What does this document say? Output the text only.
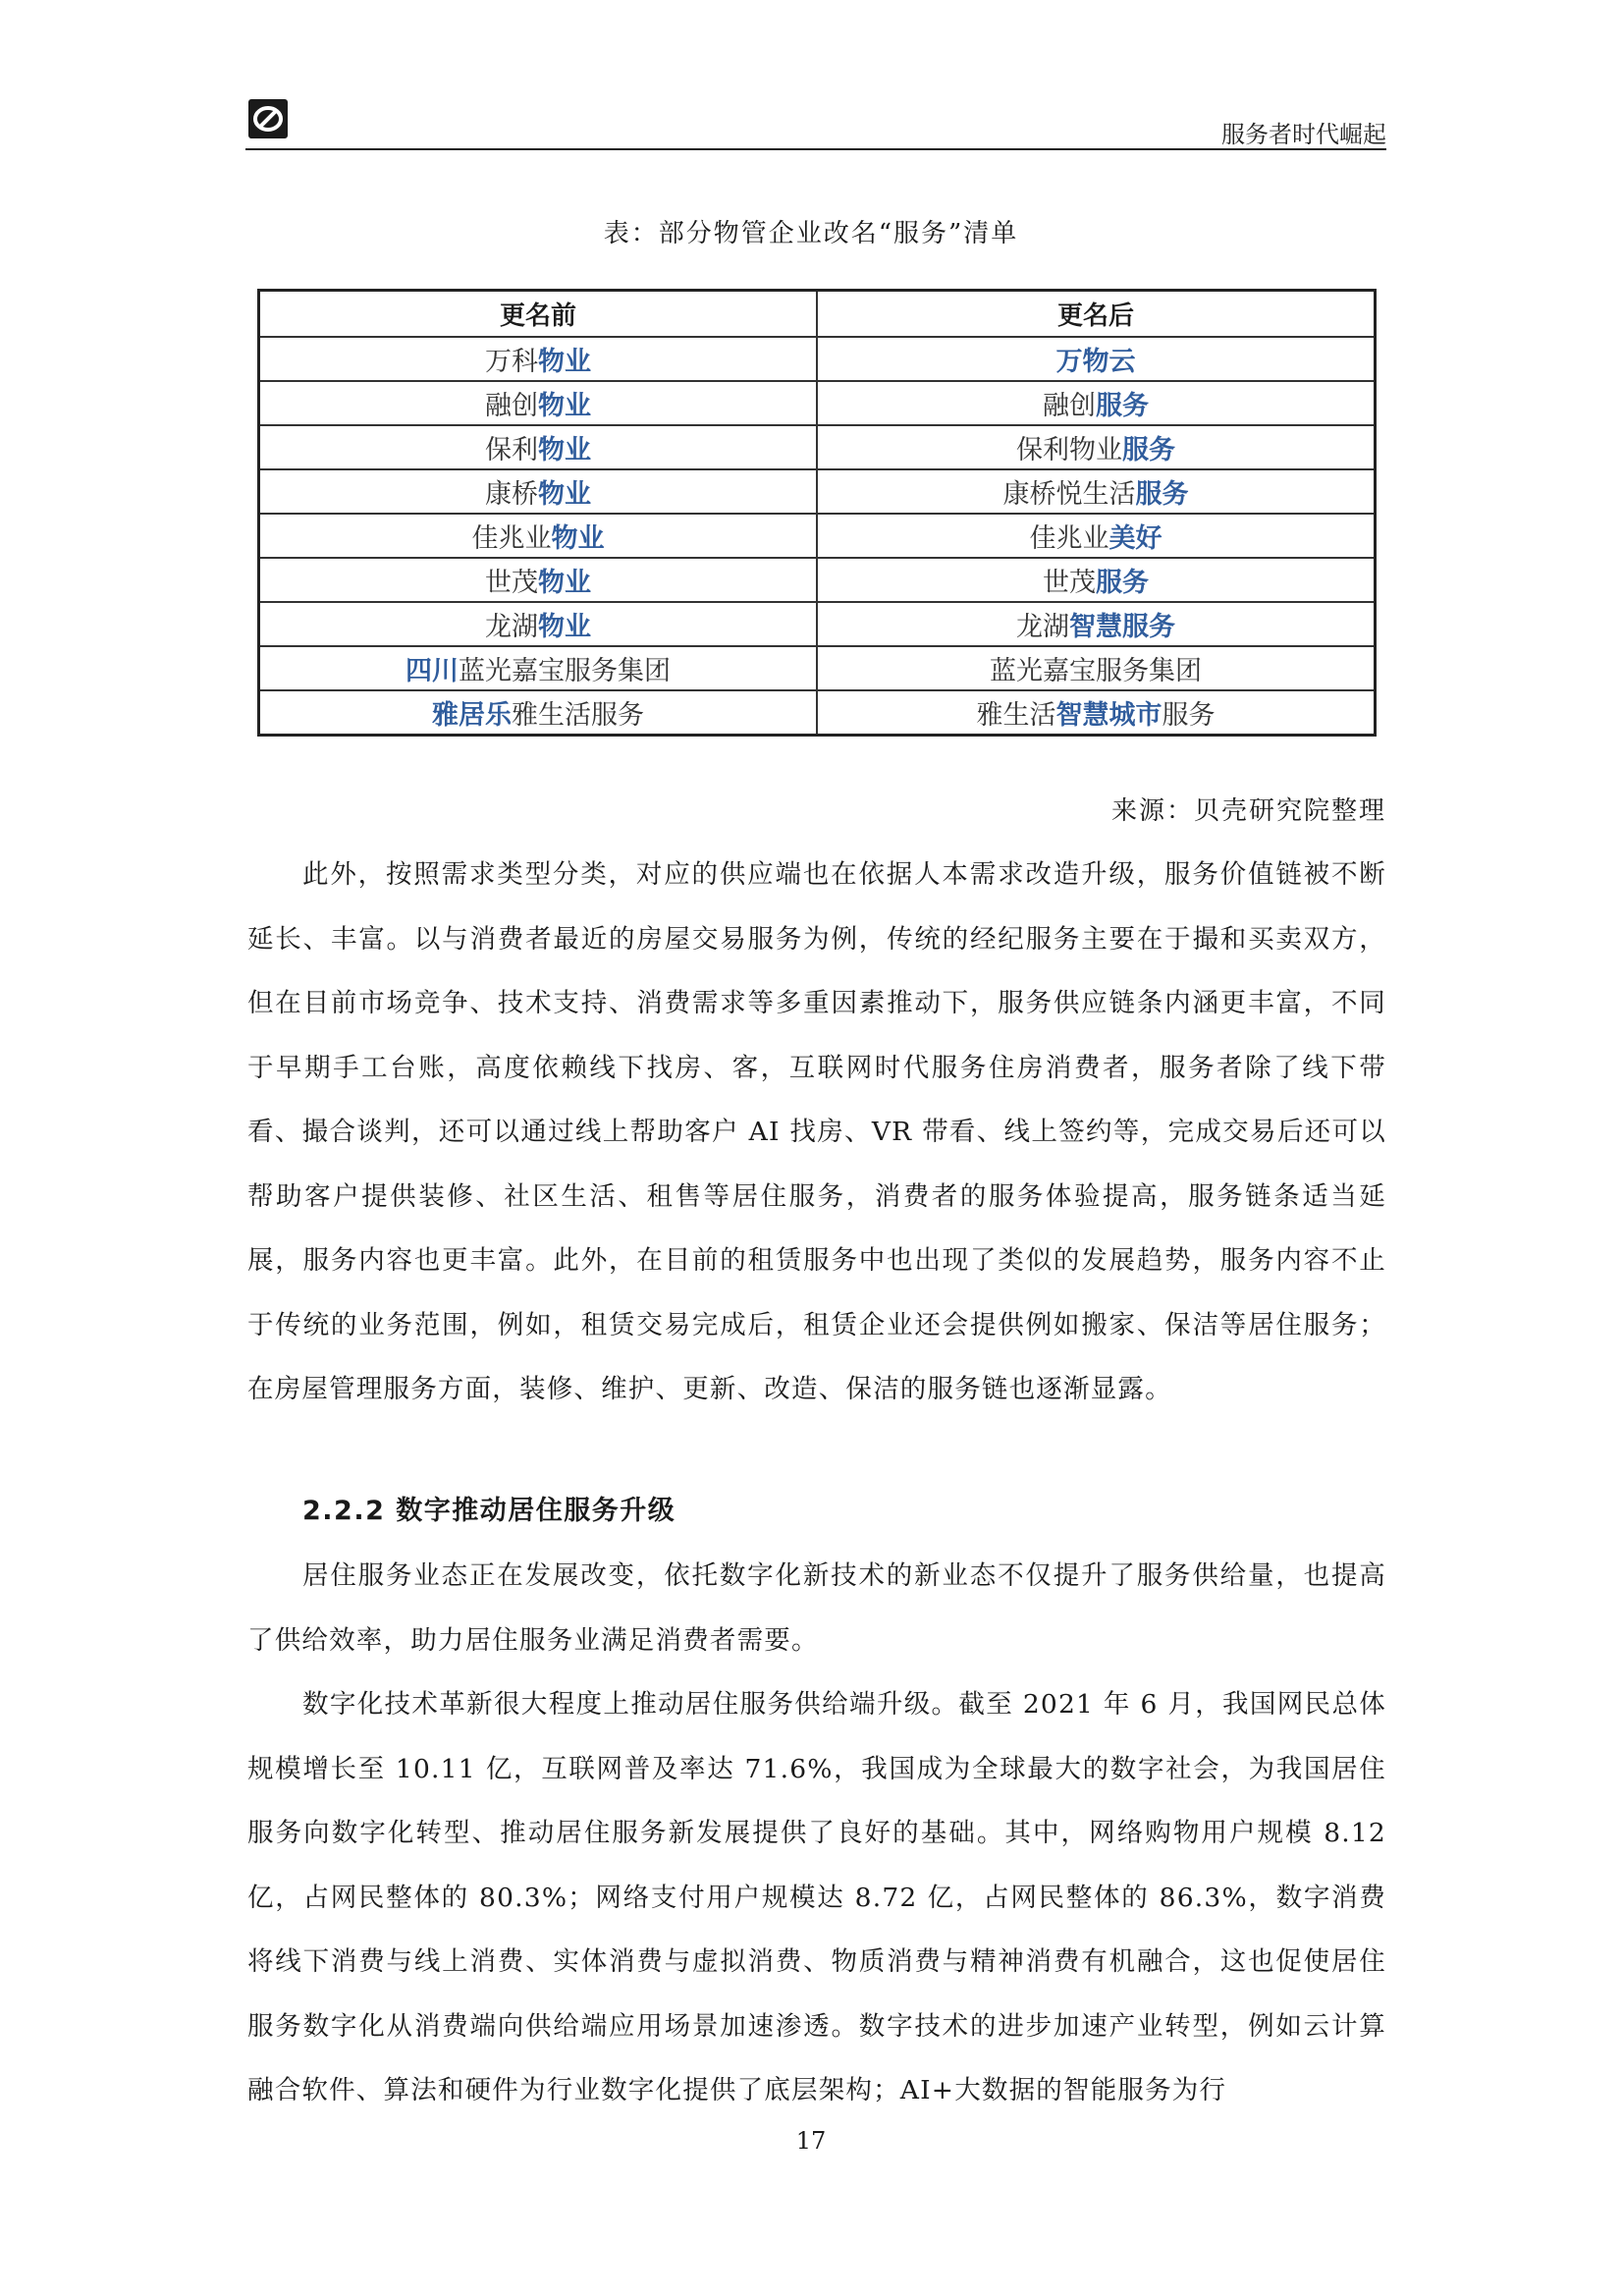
服务者时代崛起
表：部分物管企业改名“服务”清单
更名前	更名后
万科物业	万物云
融创物业	融创服务
保利物业	保利物业服务
康桥物业	康桥悦生活服务
佳兆业物业	佳兆业美好
世茂物业	世茂服务
龙湖物业	龙湖智慧服务
四川蓝光嘉宝服务集团	蓝光嘉宝服务集团
雅居乐雅生活服务	雅生活智慧城市服务
来源：贝壳研究院整理

此外，按照需求类型分类，对应的供应端也在依据人本需求改造升级，服务价值链被不断延长、丰富。以与消费者最近的房屋交易服务为例，传统的经纪服务主要在于撮和买卖双方，但在目前市场竞争、技术支持、消费需求等多重因素推动下，服务供应链条内涵更丰富，不同于早期手工台账，高度依赖线下找房、客，互联网时代服务住房消费者，服务者除了线下带看、撮合谈判，还可以通过线上帮助客户 AI 找房、VR 带看、线上签约等，完成交易后还可以帮助客户提供装修、社区生活、租售等居住服务，消费者的服务体验提高，服务链条适当延展，服务内容也更丰富。此外，在目前的租赁服务中也出现了类似的发展趋势，服务内容不止于传统的业务范围，例如，租赁交易完成后，租赁企业还会提供例如搬家、保洁等居住服务；在房屋管理服务方面，装修、维护、更新、改造、保洁的服务链也逐渐显露。

2.2.2 数字推动居住服务升级

居住服务业态正在发展改变，依托数字化新技术的新业态不仅提升了服务供给量，也提高了供给效率，助力居住服务业满足消费者需要。

数字化技术革新很大程度上推动居住服务供给端升级。截至 2021 年 6 月，我国网民总体规模增长至 10.11 亿，互联网普及率达 71.6%，我国成为全球最大的数字社会，为我国居住服务向数字化转型、推动居住服务新发展提供了良好的基础。其中，网络购物用户规模 8.12 亿，占网民整体的 80.3%；网络支付用户规模达 8.72 亿，占网民整体的 86.3%，数字消费将线下消费与线上消费、实体消费与虚拟消费、物质消费与精神消费有机融合，这也促使居住服务数字化从消费端向供给端应用场景加速渗透。数字技术的进步加速产业转型，例如云计算融合软件、算法和硬件为行业数字化提供了底层架构；AI+大数据的智能服务为行

17
